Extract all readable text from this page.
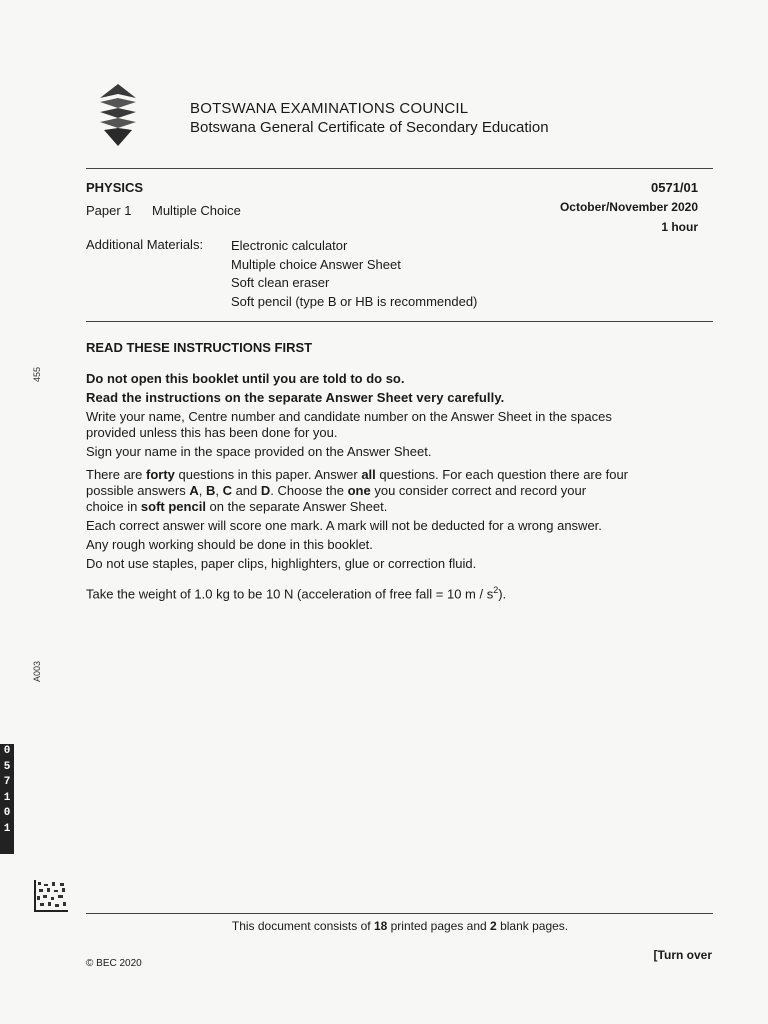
BOTSWANA EXAMINATIONS COUNCIL
Botswana General Certificate of Secondary Education
PHYSICS	0571/01
Paper 1 Multiple Choice	October/November 2020
1 hour
Additional Materials: Electronic calculator
Multiple choice Answer Sheet
Soft clean eraser
Soft pencil (type B or HB is recommended)
READ THESE INSTRUCTIONS FIRST
Do not open this booklet until you are told to do so.
Read the instructions on the separate Answer Sheet very carefully.
Write your name, Centre number and candidate number on the Answer Sheet in the spaces
provided unless this has been done for you.
Sign your name in the space provided on the Answer Sheet.
There are forty questions in this paper. Answer all questions. For each question there are four
possible answers A, B, C and D. Choose the one you consider correct and record your
choice in soft pencil on the separate Answer Sheet.
Each correct answer will score one mark. A mark will not be deducted for a wrong answer.
Any rough working should be done in this booklet.
Do not use staples, paper clips, highlighters, glue or correction fluid.
Take the weight of 1.0 kg to be 10 N (acceleration of free fall = 10 m / $s^2$).
455
A003
0
5
7
1
0
1
This document consists of 18 printed pages and 2 blank pages.
© BEC 2020
[Turn over
